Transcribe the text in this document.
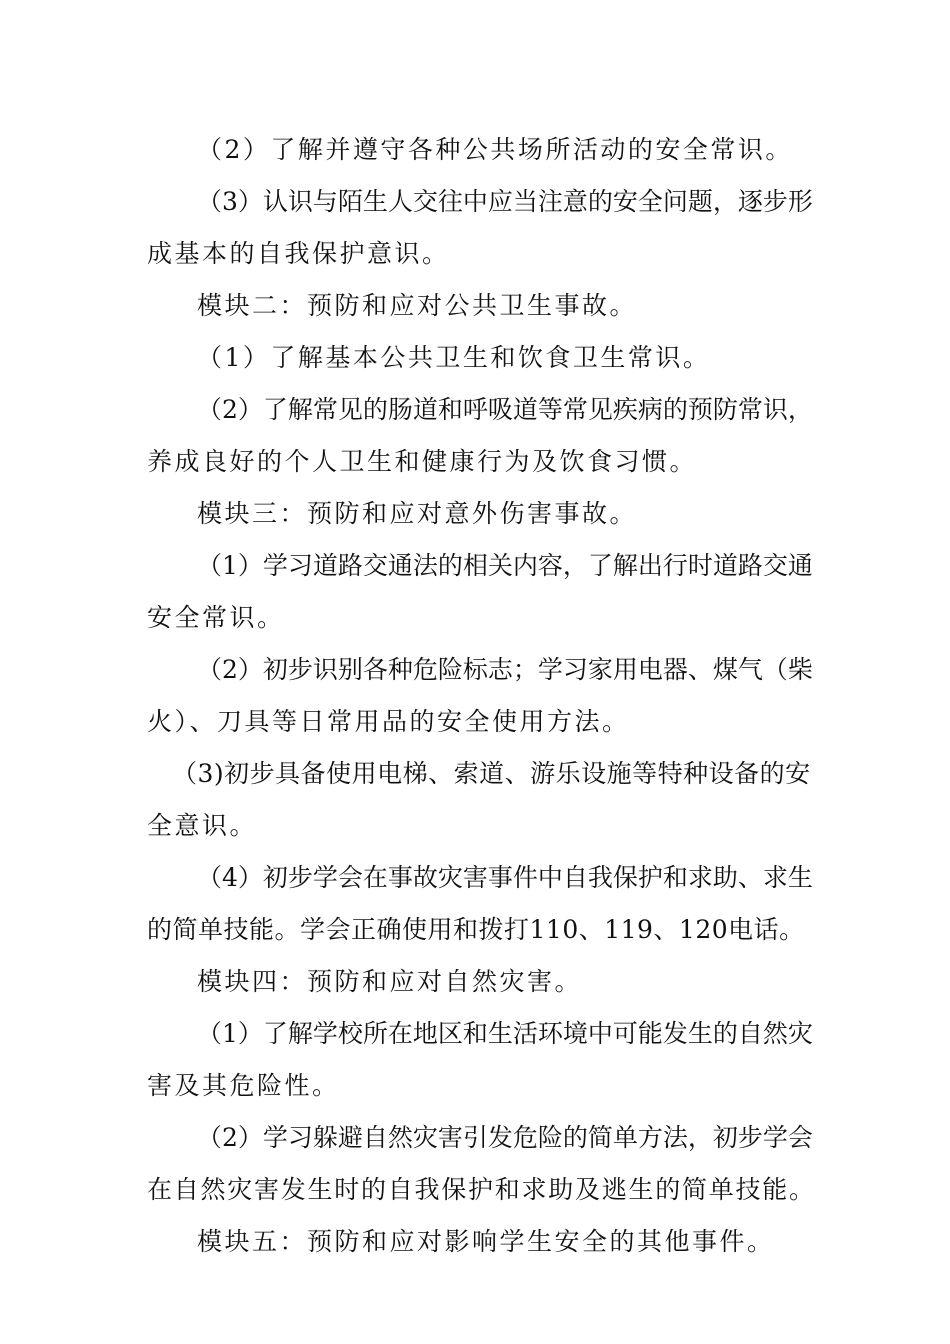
（2）了解并遵守各种公共场所活动的安全常识。
（3）认识与陌生人交往中应当注意的安全问题，逐步形
成基本的自我保护意识。
模块二：预防和应对公共卫生事故。
（1）了解基本公共卫生和饮食卫生常识。
（2）了解常见的肠道和呼吸道等常见疾病的预防常识，
养成良好的个人卫生和健康行为及饮食习惯。
模块三：预防和应对意外伤害事故。
（1）学习道路交通法的相关内容，了解出行时道路交通
安全常识。
（2）初步识别各种危险标志；学习家用电器、煤气（柴
火）、刀具等日常用品的安全使用方法。
（3)初步具备使用电梯、索道、游乐设施等特种设备的安
全意识。
（4）初步学会在事故灾害事件中自我保护和求助、求生
的简单技能。学会正确使用和拨打110、119、120电话。
模块四：预防和应对自然灾害。
（1）了解学校所在地区和生活环境中可能发生的自然灾
害及其危险性。
（2）学习躲避自然灾害引发危险的简单方法，初步学会
在自然灾害发生时的自我保护和求助及逃生的简单技能。
模块五：预防和应对影响学生安全的其他事件。
